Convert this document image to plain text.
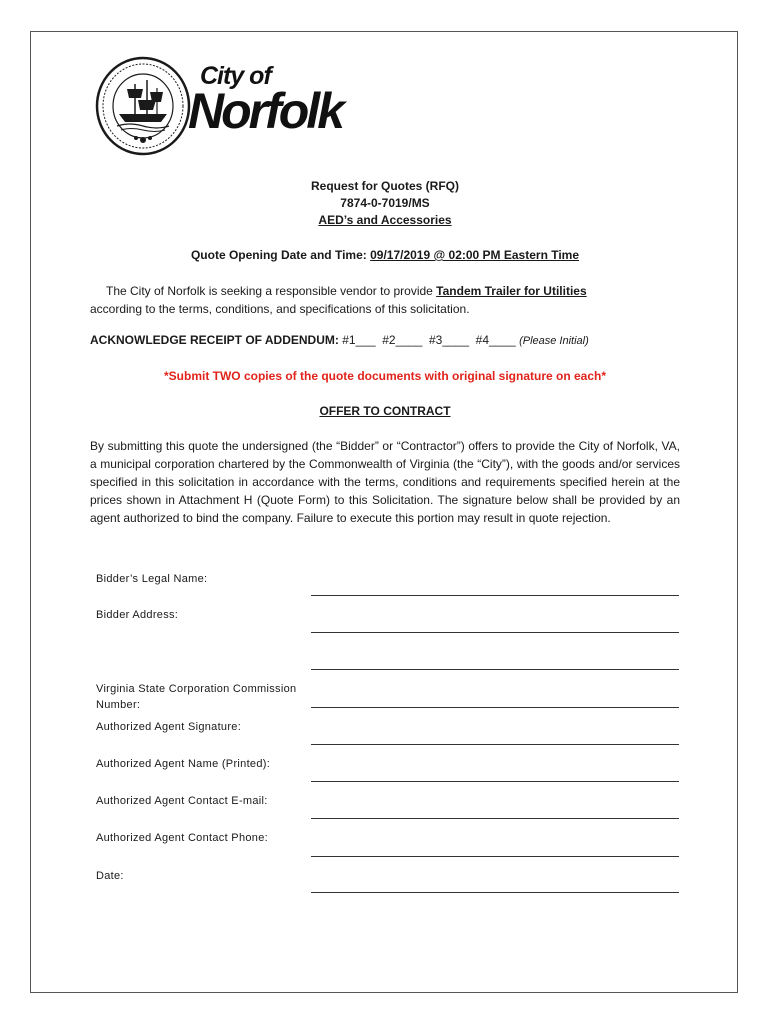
City of
Norfolk
Request for Quotes (RFQ)
7874-0-7019/MS
AED’s and Accessories
Quote Opening Date and Time: 09/17/2019 @ 02:00 PM Eastern Time
The City of Norfolk is seeking a responsible vendor to provide Tandem Trailer for Utilities
according to the terms, conditions, and specifications of this solicitation.
ACKNOWLEDGE RECEIPT OF ADDENDUM: #1___  #2____  #3____  #4____ (Please Initial)
*Submit TWO copies of the quote documents with original signature on each*
OFFER TO CONTRACT
By submitting this quote the undersigned (the “Bidder” or “Contractor”) offers to provide the City of Norfolk, VA, a municipal corporation chartered by the Commonwealth of Virginia (the “City”), with the goods and/or services specified in this solicitation in accordance with the terms, conditions and requirements specified herein at the prices shown in Attachment H (Quote Form) to this Solicitation. The signature below shall be provided by an agent authorized to bind the company. Failure to execute this portion may result in quote rejection.
Bidder’s Legal Name:
Bidder Address:
Virginia State Corporation Commission Number:
Authorized Agent Signature:
Authorized Agent Name (Printed):
Authorized Agent Contact E-mail:
Authorized Agent Contact Phone:
Date:
